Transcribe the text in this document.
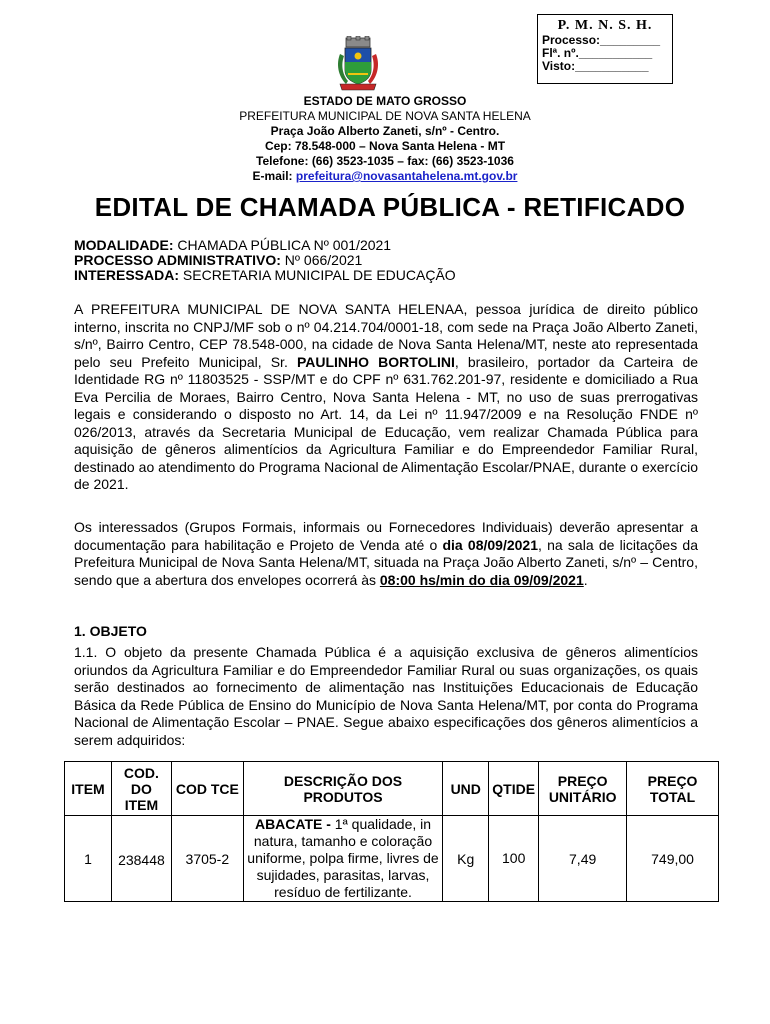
P. M. N. S. H.
Processo:_________
Flª. nº.___________
Visto:___________
ESTADO DE MATO GROSSO
PREFEITURA MUNICIPAL DE NOVA SANTA HELENA
Praça João Alberto Zaneti, s/nº - Centro.
Cep: 78.548-000 – Nova Santa Helena - MT
Telefone: (66) 3523-1035 – fax: (66) 3523-1036
E-mail: prefeitura@novasantahelena.mt.gov.br
EDITAL DE CHAMADA PÚBLICA - RETIFICADO
MODALIDADE: CHAMADA PÚBLICA Nº 001/2021
PROCESSO ADMINISTRATIVO: Nº 066/2021
INTERESSADA: SECRETARIA MUNICIPAL DE EDUCAÇÃO

A PREFEITURA MUNICIPAL DE NOVA SANTA HELENAA, pessoa jurídica de direito público interno, inscrita no CNPJ/MF sob o nº 04.214.704/0001-18, com sede na Praça João Alberto Zaneti, s/nº, Bairro Centro, CEP 78.548-000, na cidade de Nova Santa Helena/MT, neste ato representada pelo seu Prefeito Municipal, Sr. PAULINHO BORTOLINI, brasileiro, portador da Carteira de Identidade RG nº 11803525 - SSP/MT e do CPF nº 631.762.201-97, residente e domiciliado a Rua Eva Percilia de Moraes, Bairro Centro, Nova Santa Helena - MT, no uso de suas prerrogativas legais e considerando o disposto no Art. 14, da Lei nº 11.947/2009 e na Resolução FNDE nº 026/2013, através da Secretaria Municipal de Educação, vem realizar Chamada Pública para aquisição de gêneros alimentícios da Agricultura Familiar e do Empreendedor Familiar Rural, destinado ao atendimento do Programa Nacional de Alimentação Escolar/PNAE, durante o exercício de 2021.

Os interessados (Grupos Formais, informais ou Fornecedores Individuais) deverão apresentar a documentação para habilitação e Projeto de Venda até o dia 08/09/2021, na sala de licitações da Prefeitura Municipal de Nova Santa Helena/MT, situada na Praça João Alberto Zaneti, s/nº – Centro, sendo que a abertura dos envelopes ocorrerá às 08:00 hs/min do dia 09/09/2021.

1. OBJETO

1.1. O objeto da presente Chamada Pública é a aquisição exclusiva de gêneros alimentícios oriundos da Agricultura Familiar e do Empreendedor Familiar Rural ou suas organizações, os quais serão destinados ao fornecimento de alimentação nas Instituições Educacionais de Educação Básica da Rede Pública de Ensino do Município de Nova Santa Helena/MT, por conta do Programa Nacional de Alimentação Escolar – PNAE. Segue abaixo especificações dos gêneros alimentícios a serem adquiridos:

ITEM	COD. DO ITEM	COD TCE	DESCRIÇÃO DOS PRODUTOS	UND	QTIDE	PREÇO UNITÁRIO	PREÇO TOTAL
1	238448	3705-2	ABACATE - 1ª qualidade, in natura, tamanho e coloração uniforme, polpa firme, livres de sujidades, parasitas, larvas, resíduo de fertilizante.	Kg	100	7,49	749,00
